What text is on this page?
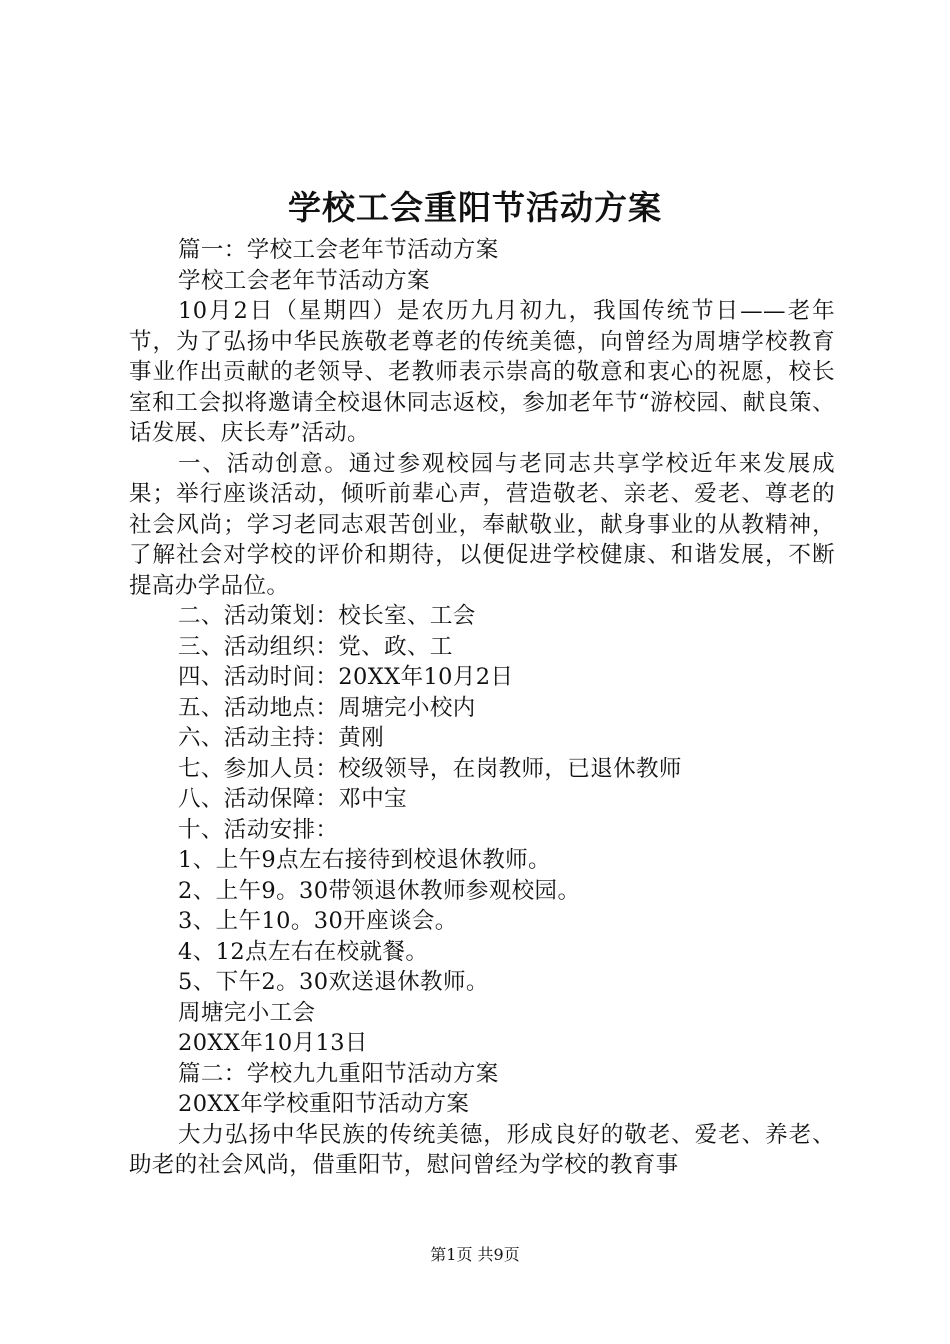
学校工会重阳节活动方案

篇一：学校工会老年节活动方案

学校工会老年节活动方案

10月2日（星期四）是农历九月初九，我国传统节日——老年节，为了弘扬中华民族敬老尊老的传统美德，向曾经为周塘学校教育事业作出贡献的老领导、老教师表示崇高的敬意和衷心的祝愿，校长室和工会拟将邀请全校退休同志返校，参加老年节“游校园、献良策、话发展、庆长寿”活动。

一、活动创意。通过参观校园与老同志共享学校近年来发展成果；举行座谈活动，倾听前辈心声，营造敬老、亲老、爱老、尊老的社会风尚；学习老同志艰苦创业，奉献敬业，献身事业的从教精神，了解社会对学校的评价和期待，以便促进学校健康、和谐发展，不断提高办学品位。

二、活动策划：校长室、工会

三、活动组织：党、政、工

四、活动时间：20XX年10月2日

五、活动地点：周塘完小校内

六、活动主持：黄刚

七、参加人员：校级领导，在岗教师，已退休教师

八、活动保障：邓中宝

十、活动安排：

1、上午9点左右接待到校退休教师。

2、上午9。30带领退休教师参观校园。

3、上午10。30开座谈会。

4、12点左右在校就餐。

5、下午2。30欢送退休教师。

周塘完小工会

20XX年10月13日

篇二：学校九九重阳节活动方案

20XX年学校重阳节活动方案

大力弘扬中华民族的传统美德，形成良好的敬老、爱老、养老、助老的社会风尚，借重阳节，慰问曾经为学校的教育事

第1页 共9页
